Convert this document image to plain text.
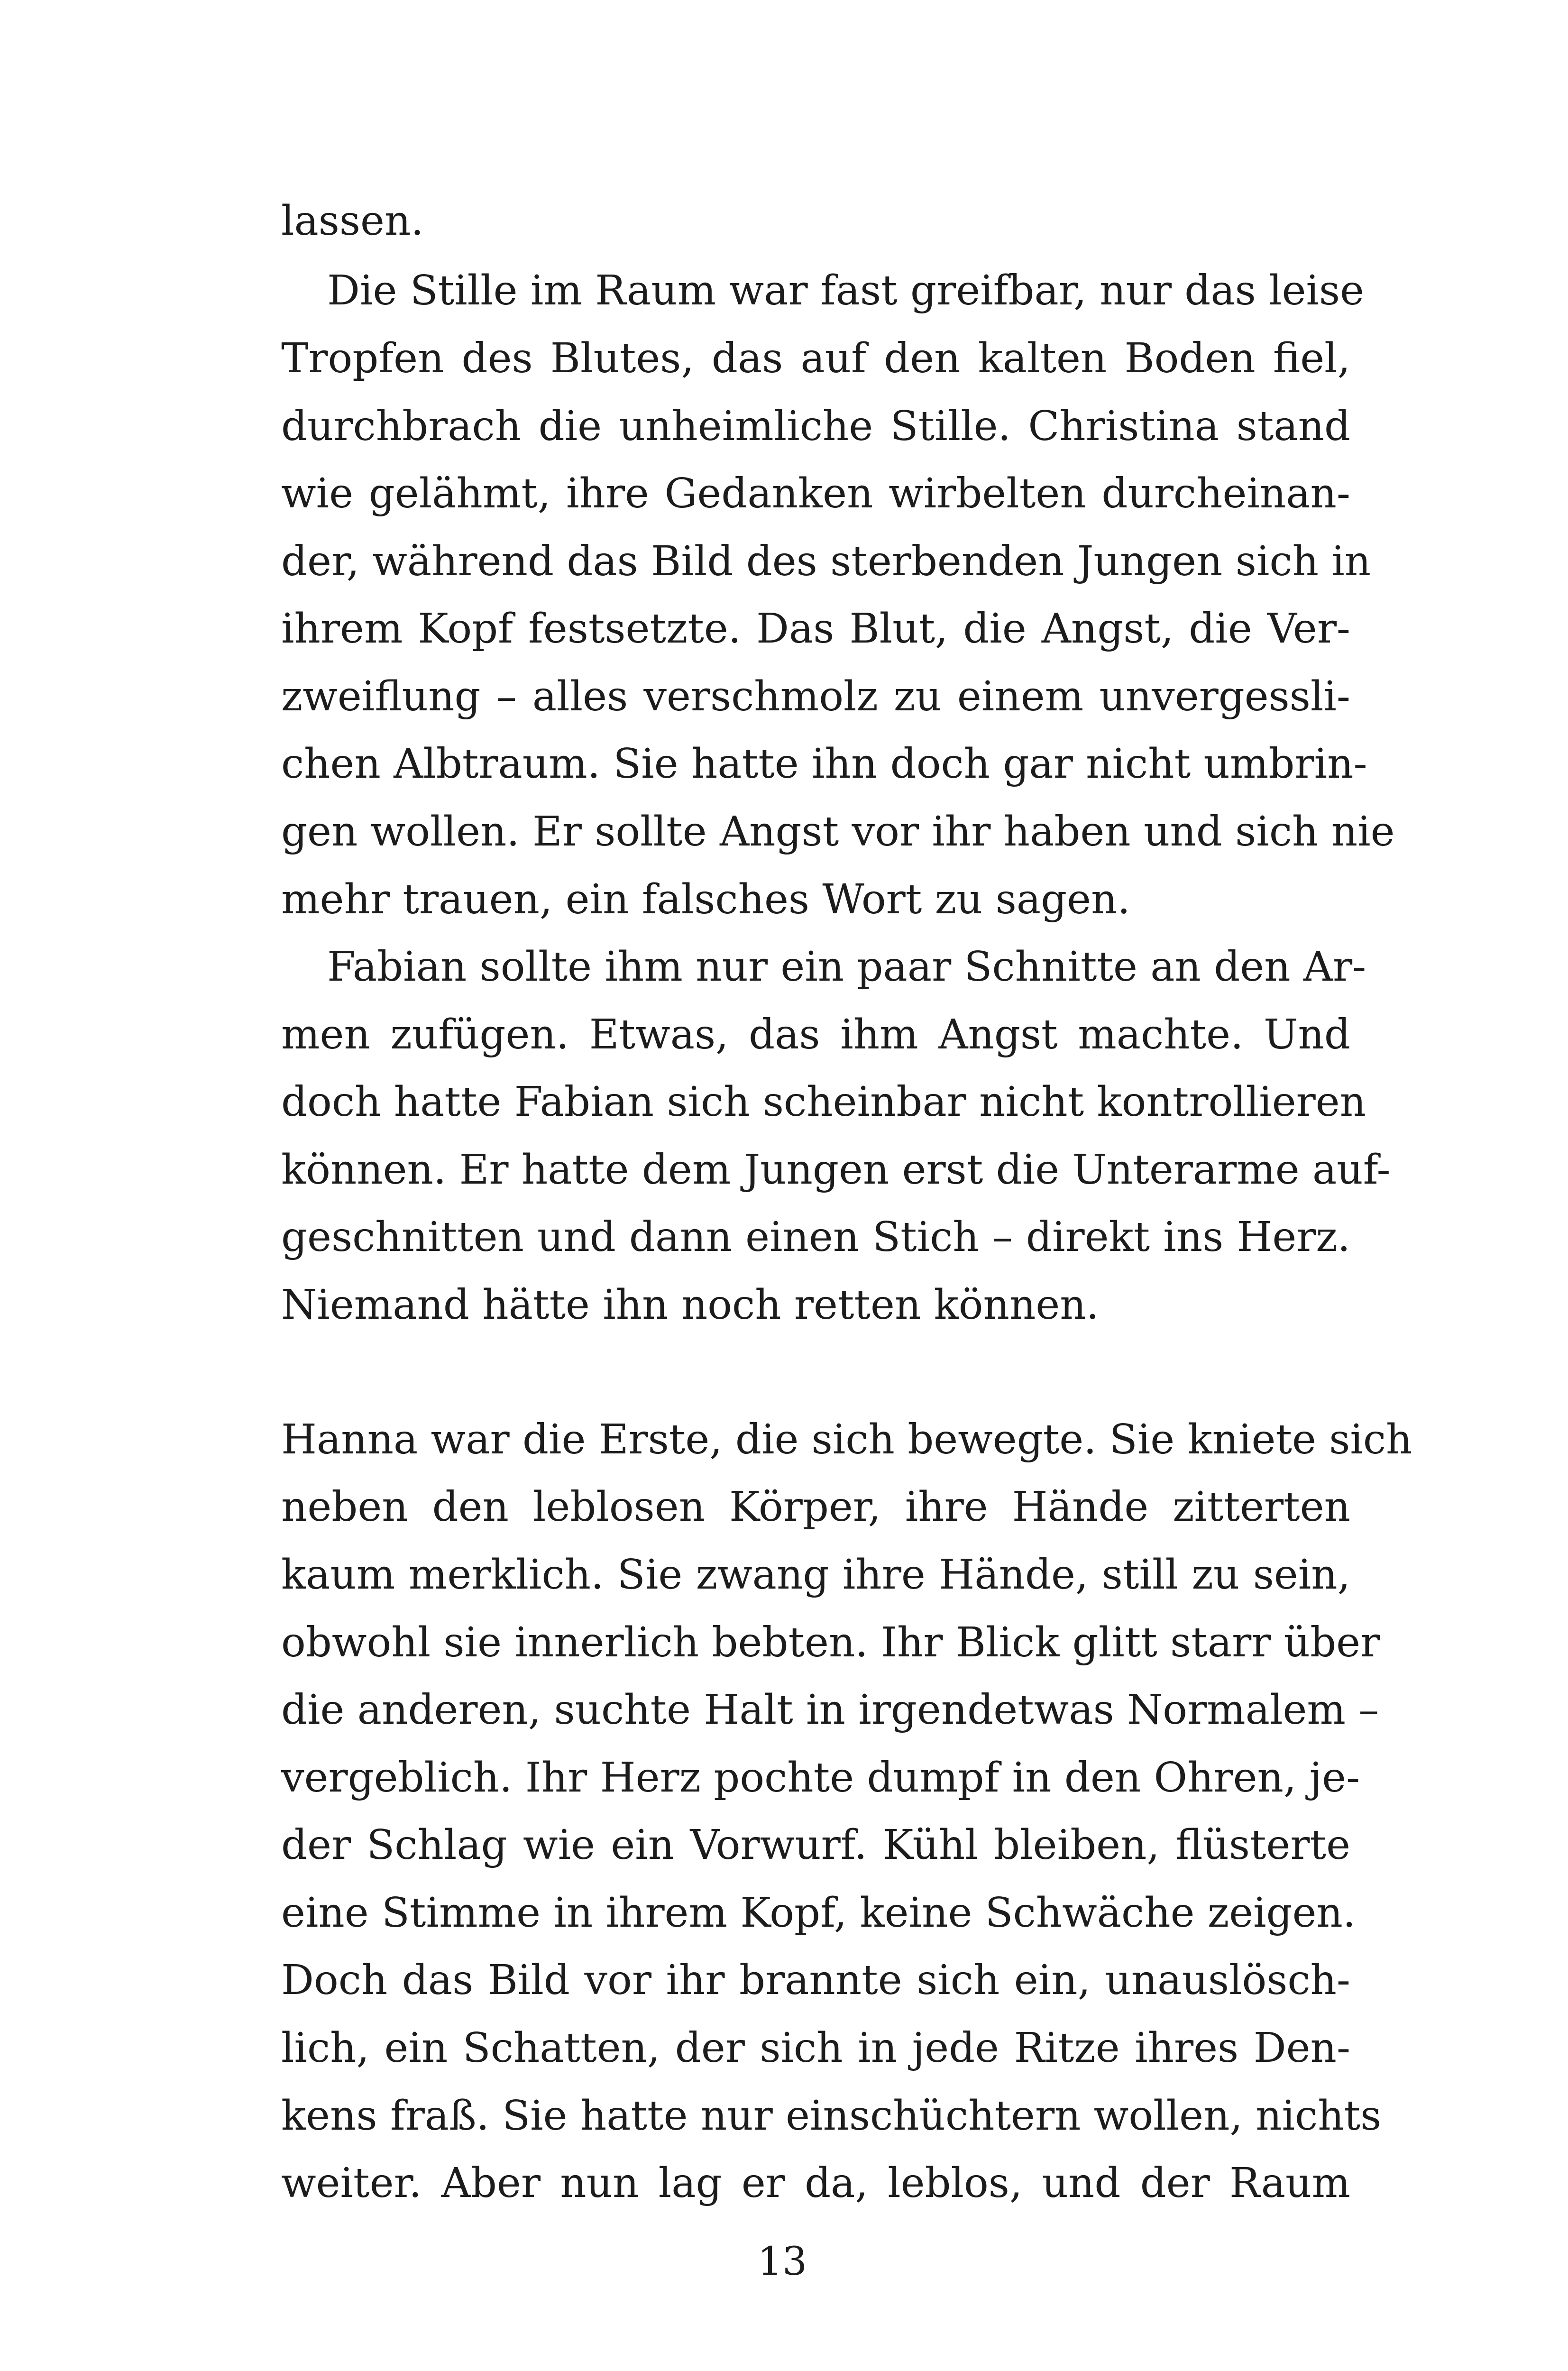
lassen.
Die Stille im Raum war fast greifbar, nur das leise
Tropfen des Blutes, das auf den kalten Boden fiel,
durchbrach die unheimliche Stille. Christina stand
wie gelähmt, ihre Gedanken wirbelten durcheinan-
der, während das Bild des sterbenden Jungen sich in
ihrem Kopf festsetzte. Das Blut, die Angst, die Ver-
zweiflung – alles verschmolz zu einem unvergessli-
chen Albtraum. Sie hatte ihn doch gar nicht umbrin-
gen wollen. Er sollte Angst vor ihr haben und sich nie
mehr trauen, ein falsches Wort zu sagen.
Fabian sollte ihm nur ein paar Schnitte an den Ar-
men zufügen. Etwas, das ihm Angst machte. Und
doch hatte Fabian sich scheinbar nicht kontrollieren
können. Er hatte dem Jungen erst die Unterarme auf-
geschnitten und dann einen Stich – direkt ins Herz.
Niemand hätte ihn noch retten können.
Hanna war die Erste, die sich bewegte. Sie kniete sich
neben den leblosen Körper, ihre Hände zitterten
kaum merklich. Sie zwang ihre Hände, still zu sein,
obwohl sie innerlich bebten. Ihr Blick glitt starr über
die anderen, suchte Halt in irgendetwas Normalem –
vergeblich. Ihr Herz pochte dumpf in den Ohren, je-
der Schlag wie ein Vorwurf. Kühl bleiben, flüsterte
eine Stimme in ihrem Kopf, keine Schwäche zeigen.
Doch das Bild vor ihr brannte sich ein, unauslösch-
lich, ein Schatten, der sich in jede Ritze ihres Den-
kens fraß. Sie hatte nur einschüchtern wollen, nichts
weiter. Aber nun lag er da, leblos, und der Raum
13
